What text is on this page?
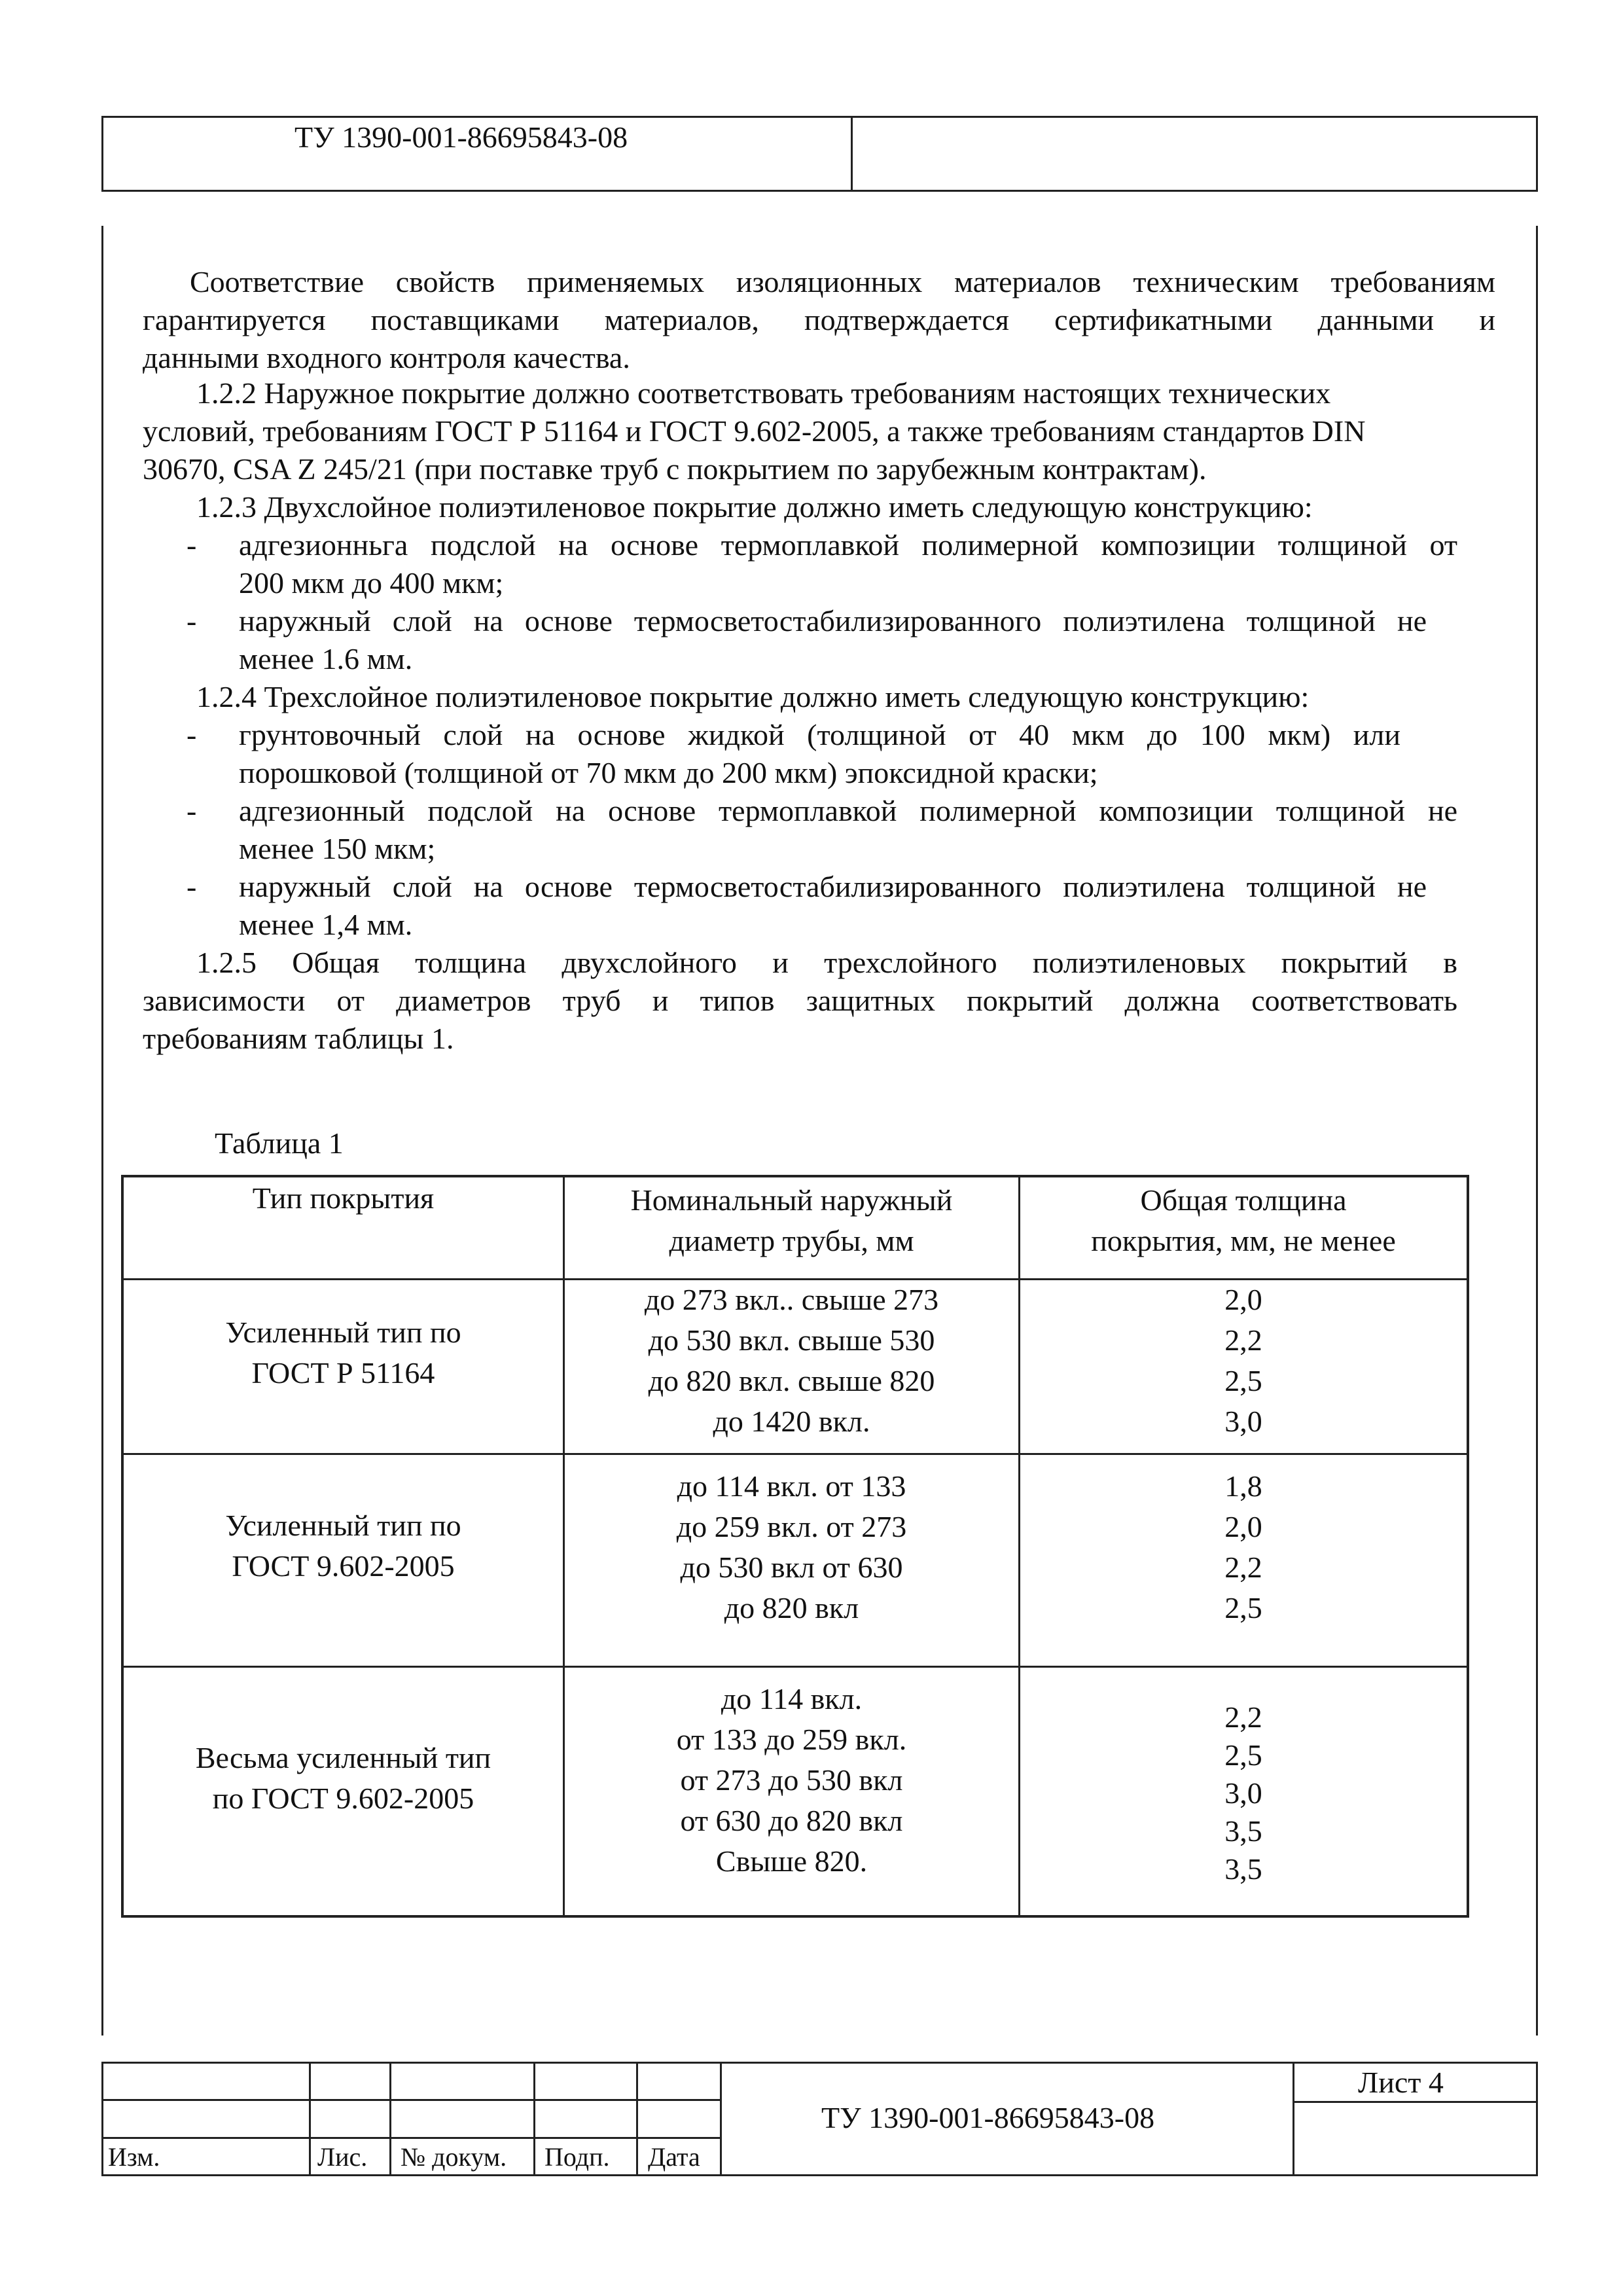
ТУ 1390-001-86695843-08
Соответствие свойств применяемых изоляционных материалов техническим требованиям
гарантируется поставщиками материалов, подтверждается сертификатными данными и
данными входного контроля качества.
1.2.2 Наружное покрытие должно соответствовать требованиям настоящих технических
условий, требованиям ГОСТ Р 51164 и ГОСТ 9.602-2005, а также требованиям стандартов DIN
30670, CSA Z 245/21 (при поставке труб с покрытием по зарубежным контрактам).
1.2.3 Двухслойное полиэтиленовое покрытие должно иметь следующую конструкцию:
- адгезионньга подслой на основе термоплавкой полимерной композиции толщиной от
200 мкм до 400 мкм;
- наружный слой на основе термосветостабилизированного полиэтилена толщиной не
менее 1.6 мм.
1.2.4 Трехслойное полиэтиленовое покрытие должно иметь следующую конструкцию:
- грунтовочный слой на основе жидкой (толщиной от 40 мкм до 100 мкм) или
порошковой (толщиной от 70 мкм до 200 мкм) эпоксидной краски;
- адгезионный подслой на основе термоплавкой полимерной композиции толщиной не
менее 150 мкм;
- наружный слой на основе термосветостабилизированного полиэтилена толщиной не
менее 1,4 мм.
1.2.5 Общая толщина двухслойного и трехслойного полиэтиленовых покрытий в
зависимости от диаметров труб и типов защитных покрытий должна соответствовать
требованиям таблицы 1.
Таблица 1
Тип покрытия	Номинальный наружный
диаметр трубы, мм
Общая толщина
покрытия, мм, не менее
Усиленный тип по
ГОСТ Р 51164
до 273 вкл.. свыше 273
до 530 вкл. свыше 530
до 820 вкл. свыше 820
до 1420 вкл.
2,0
2,2
2,5
3,0
Усиленный тип по
ГОСТ 9.602-2005
до 114 вкл. от 133
до 259 вкл. от 273
до 530 вкл от 630
до 820 вкл
1,8
2,0
2,2
2,5
Весьма усиленный тип
по ГОСТ 9.602-2005
до 114 вкл.
от 133 до 259 вкл.
от 273 до 530 вкл
от 630 до 820 вкл
Свыше 820.
2,2
2,5
3,0
3,5
3,5
Изм.	Лис. № докум. Подп. Дата
ТУ 1390-001-86695843-08
Лист 4
